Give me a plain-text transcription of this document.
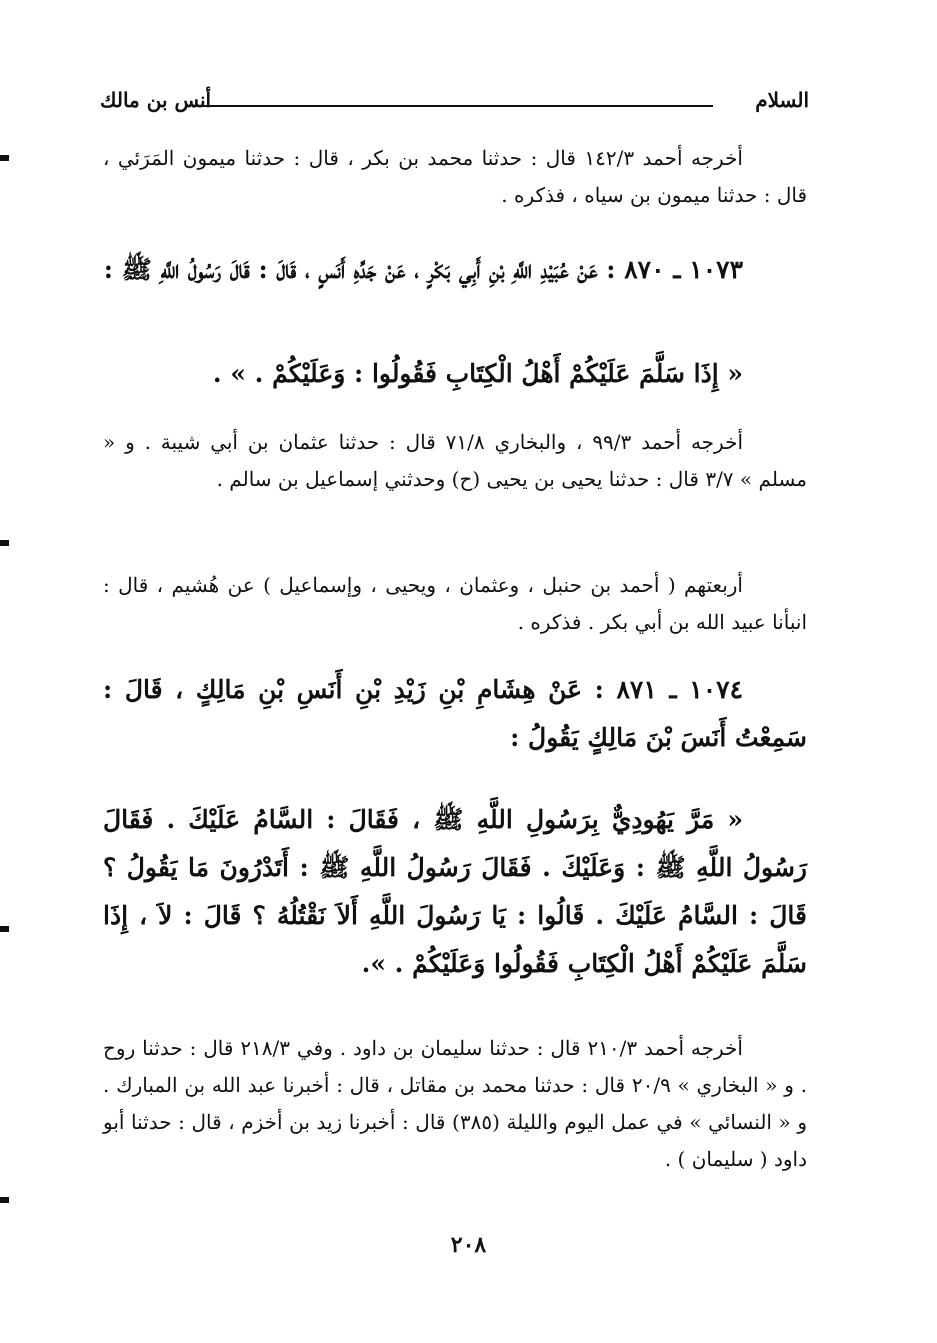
السلام
أنس بن مالك
أخرجه أحمد ١٤٢/٣ قال : حدثنا محمد بن بكر ، قال : حدثنا ميمون المَرَئي ، قال : حدثنا ميمون بن سياه ، فذكره .
١٠٧٣ ـ ٨٧٠ : عَنْ عُبَيْدِ اللَّهِ بْنِ أَبِي بَكْرٍ ، عَنْ جَدِّهِ أَنَسٍ ، قَالَ : قَالَ رَسُولُ اللَّهِ ﷺ :
« إِذَا سَلَّمَ عَلَيْكُمْ أَهْلُ الْكِتَابِ فَقُولُوا : وَعَلَيْكُمْ . » .
أخرجه أحمد ٩٩/٣ ، والبخاري ٧١/٨ قال : حدثنا عثمان بن أبي شيبة . و « مسلم » ٣/٧ قال : حدثنا يحيى بن يحيى (ح) وحدثني إسماعيل بن سالم .
أربعتهم ( أحمد بن حنبل ، وعثمان ، ويحيى ، وإسماعيل ) عن هُشيم ، قال : انبأنا عبيد الله بن أبي بكر . فذكره .
١٠٧٤ ـ ٨٧١ : عَنْ هِشَامِ بْنِ زَيْدِ بْنِ أَنَسِ بْنِ مَالِكٍ ، قَالَ : سَمِعْتُ أَنَسَ بْنَ مَالِكٍ يَقُولُ :
« مَرَّ يَهُودِيٌّ بِرَسُولِ اللَّهِ ﷺ ، فَقَالَ : السَّامُ عَلَيْكَ . فَقَالَ رَسُولُ اللَّهِ ﷺ : وَعَلَيْكَ . فَقَالَ رَسُولُ اللَّهِ ﷺ : أَتَدْرُونَ مَا يَقُولُ ؟ قَالَ : السَّامُ عَلَيْكَ . قَالُوا : يَا رَسُولَ اللَّهِ أَلاَ نَقْتُلُهُ ؟ قَالَ : لاَ ، إِذَا سَلَّمَ عَلَيْكُمْ أَهْلُ الْكِتَابِ فَقُولُوا وَعَلَيْكُمْ . ».
أخرجه أحمد ٢١٠/٣ قال : حدثنا سليمان بن داود . وفي ٢١٨/٣ قال : حدثنا روح . و « البخاري » ٢٠/٩ قال : حدثنا محمد بن مقاتل ، قال : أخبرنا عبد الله بن المبارك . و « النسائي » في عمل اليوم والليلة (٣٨٥) قال : أخبرنا زيد بن أخزم ، قال : حدثنا أبو داود ( سليمان ) .
٢٠٨
